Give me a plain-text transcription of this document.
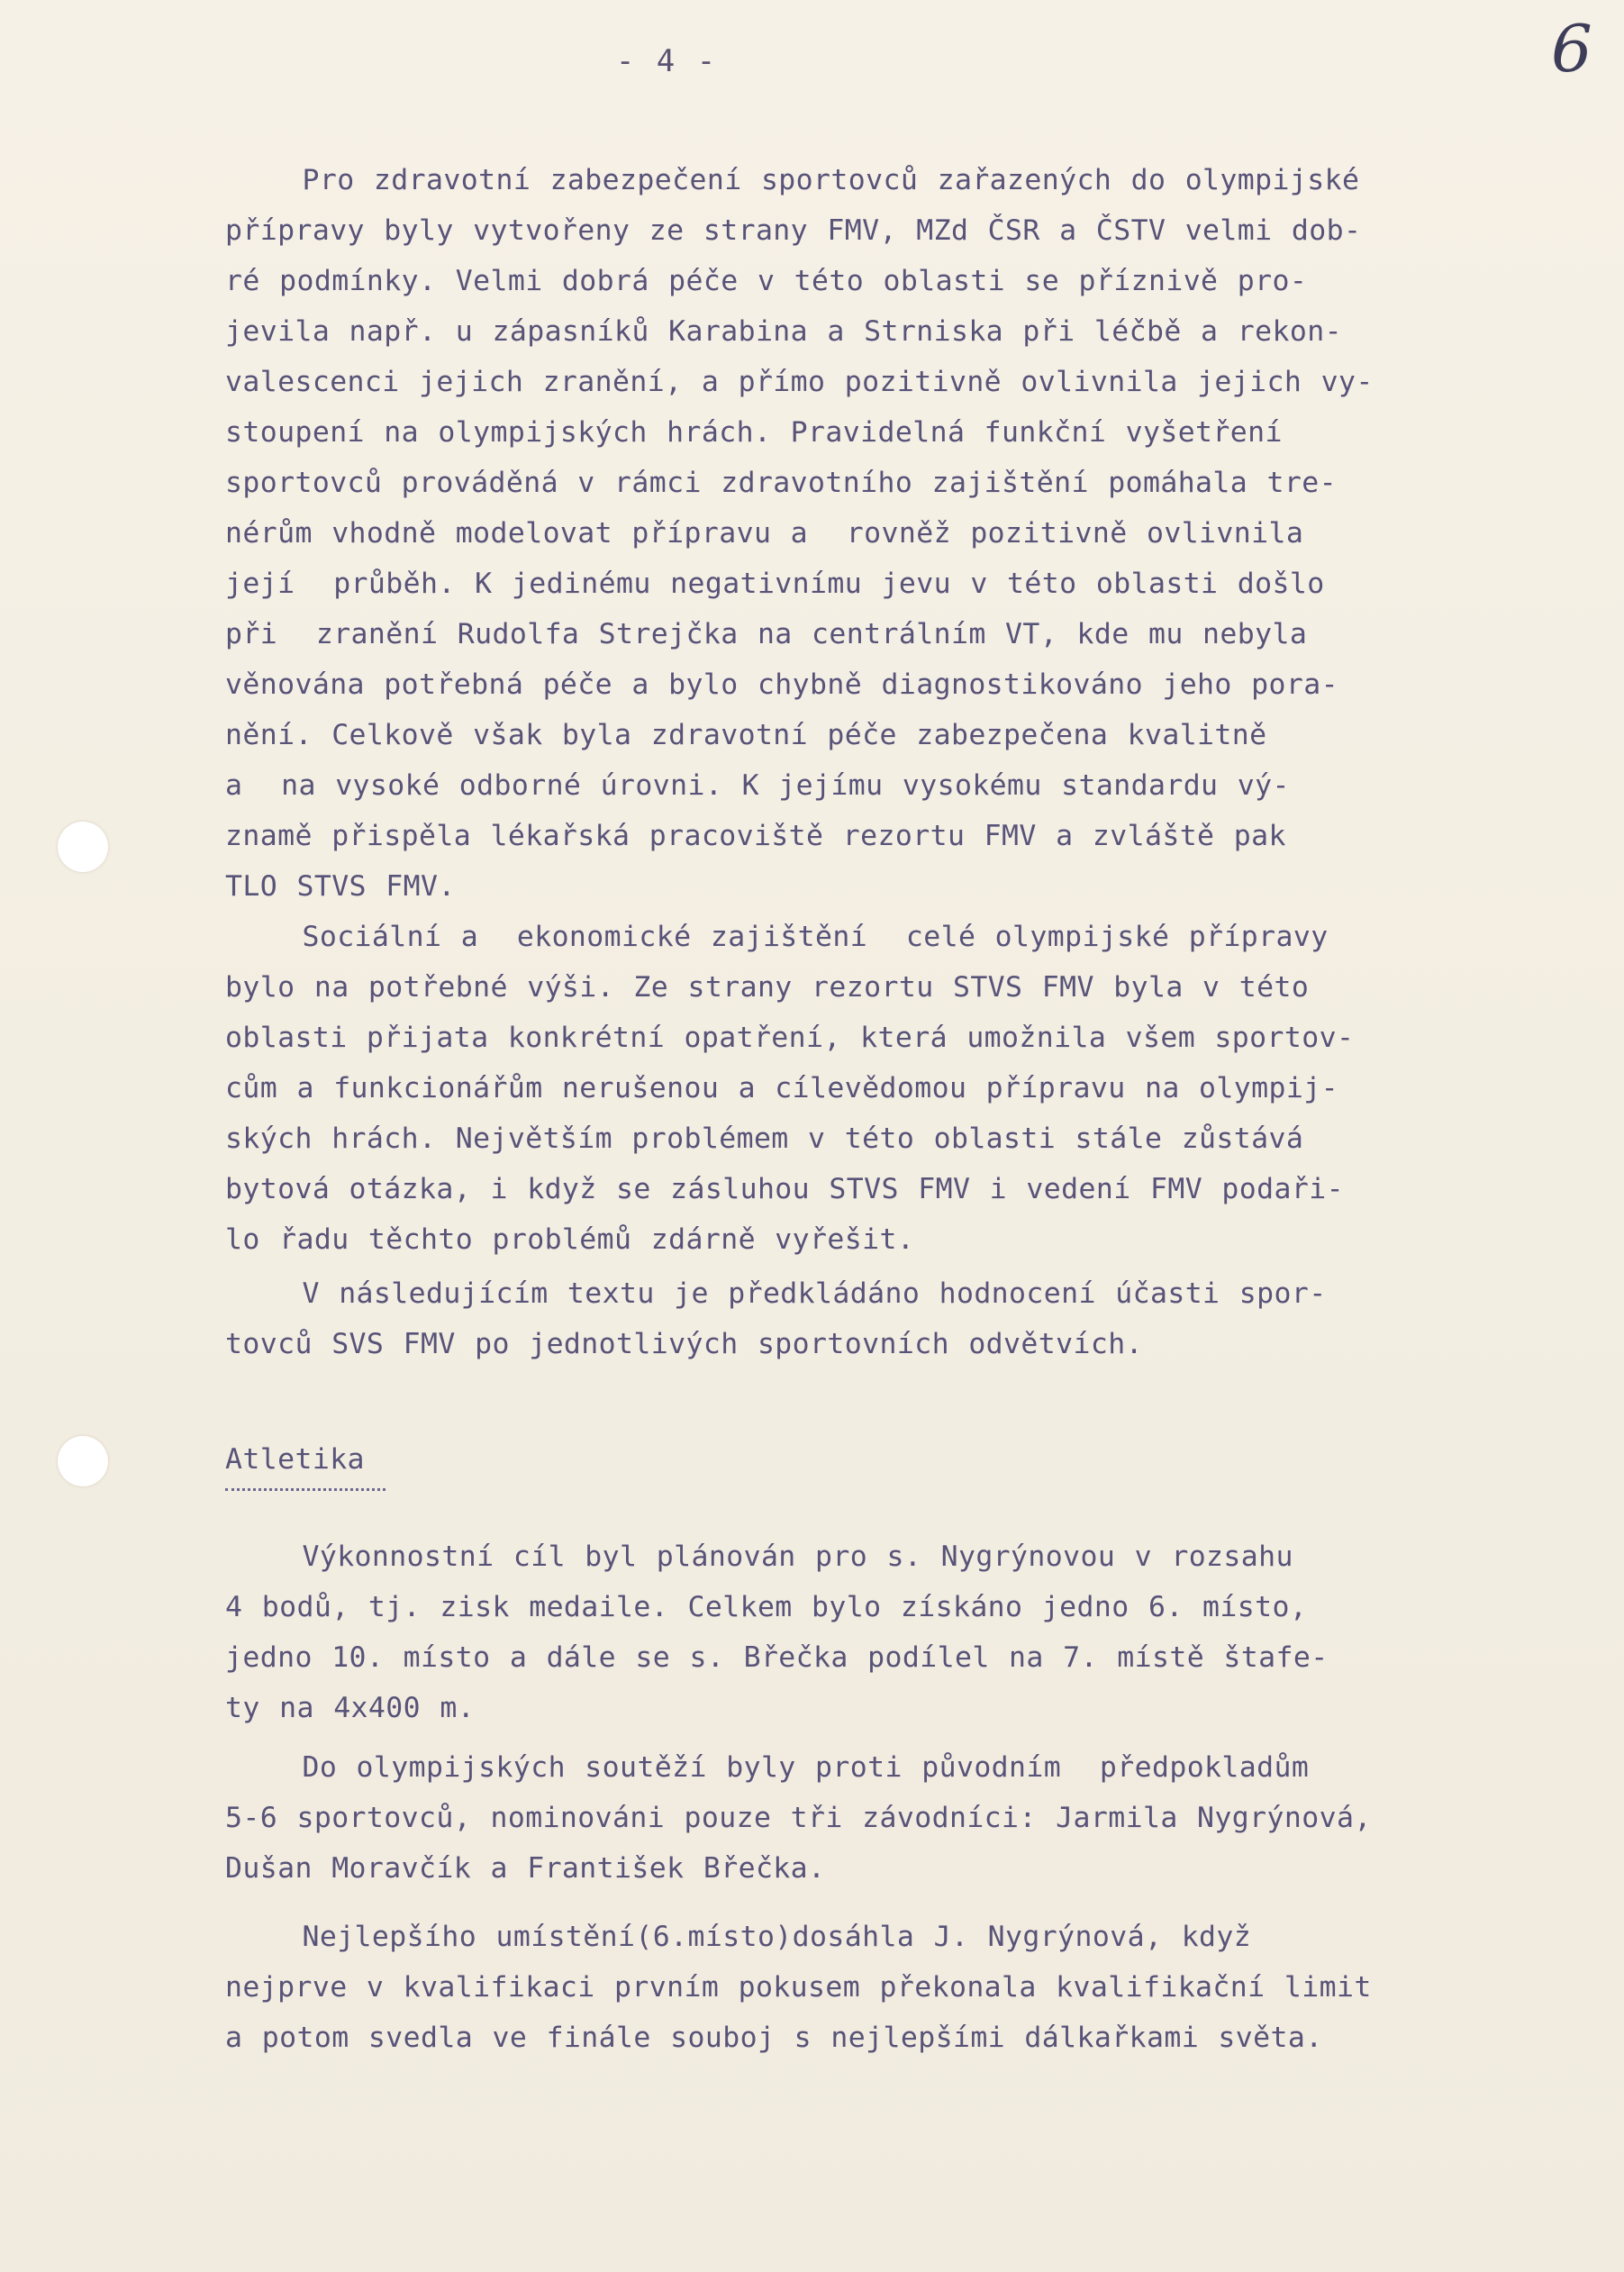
- 4 -	6
Pro zdravotní zabezpečení sportovců zařazených do olympijské
přípravy byly vytvořeny ze strany FMV, MZd ČSR a ČSTV velmi dob-
ré podmínky. Velmi dobrá péče v této oblasti se příznivě pro-
jevila např. u zápasníků Karabina a Strniska při léčbě a rekon-
valescenci jejich zranění, a přímo pozitivně ovlivnila jejich vy-
stoupení na olympijských hrách. Pravidelná funkční vyšetření
sportovců prováděná v rámci zdravotního zajištění pomáhala tre-
nérům vhodně modelovat přípravu a  rovněž pozitivně ovlivnila
její  průběh. K jedinému negativnímu jevu v této oblasti došlo
při  zranění Rudolfa Strejčka na centrálním VT, kde mu nebyla
věnována potřebná péče a bylo chybně diagnostikováno jeho pora-
nění. Celkově však byla zdravotní péče zabezpečena kvalitně
a  na vysoké odborné úrovni. K jejímu vysokému standardu vý-
znamě přispěla lékařská pracoviště rezortu FMV a zvláště pak
TLO STVS FMV.
Sociální a  ekonomické zajištění  celé olympijské přípravy
bylo na potřebné výši. Ze strany rezortu STVS FMV byla v této
oblasti přijata konkrétní opatření, která umožnila všem sportov-
cům a funkcionářům nerušenou a cílevědomou přípravu na olympij-
ských hrách. Největším problémem v této oblasti stále zůstává
bytová otázka, i když se zásluhou STVS FMV i vedení FMV podaři-
lo řadu těchto problémů zdárně vyřešit.
V následujícím textu je předkládáno hodnocení účasti spor-
tovců SVS FMV po jednotlivých sportovních odvětvích.
Atletika
Výkonnostní cíl byl plánován pro s. Nygrýnovou v rozsahu
4 bodů, tj. zisk medaile. Celkem bylo získáno jedno 6. místo,
jedno 10. místo a dále se s. Břečka podílel na 7. místě štafe-
ty na 4x400 m.
Do olympijských soutěží byly proti původním  předpokladům
5-6 sportovců, nominováni pouze tři závodníci: Jarmila Nygrýnová,
Dušan Moravčík a František Břečka.
Nejlepšího umístění(6.místo)dosáhla J. Nygrýnová, když
nejprve v kvalifikaci prvním pokusem překonala kvalifikační limit
a potom svedla ve finále souboj s nejlepšími dálkařkami světa.
